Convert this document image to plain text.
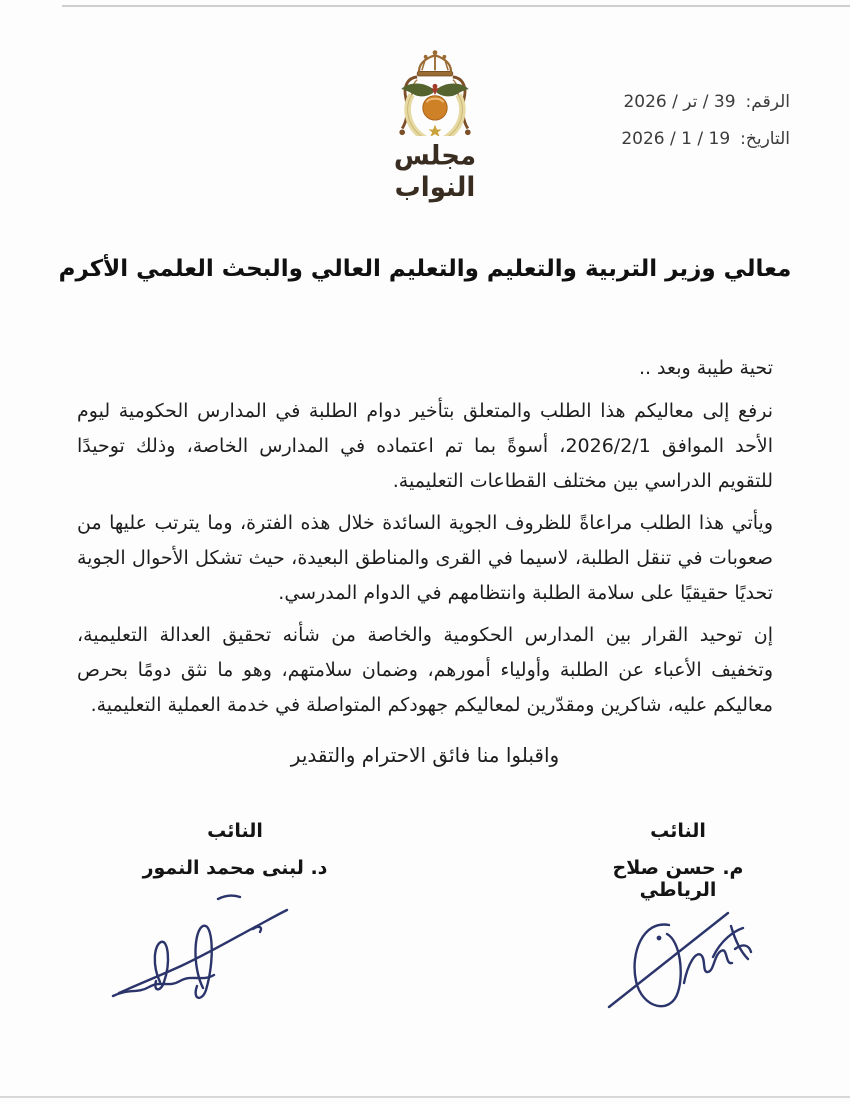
مجلس النواب
الرقم:
39 / تر / 2026
التاريخ:
19 / 1 / 2026
معالي وزير التربية والتعليم والتعليم العالي والبحث العلمي الأكرم
تحية طيبة وبعد ..

نرفع إلى معاليكم هذا الطلب والمتعلق بتأخير دوام الطلبة في المدارس الحكومية ليوم الأحد الموافق 2026/2/1، أسوةً بما تم اعتماده في المدارس الخاصة، وذلك توحيدًا للتقويم الدراسي بين مختلف القطاعات التعليمية.

ويأتي هذا الطلب مراعاةً للظروف الجوية السائدة خلال هذه الفترة، وما يترتب عليها من صعوبات في تنقل الطلبة، لاسيما في القرى والمناطق البعيدة، حيث تشكل الأحوال الجوية تحديًا حقيقيًا على سلامة الطلبة وانتظامهم في الدوام المدرسي.

إن توحيد القرار بين المدارس الحكومية والخاصة من شأنه تحقيق العدالة التعليمية، وتخفيف الأعباء عن الطلبة وأولياء أمورهم، وضمان سلامتهم، وهو ما نثق دومًا بحرص معاليكم عليه، شاكرين ومقدّرين لمعاليكم جهودكم المتواصلة في خدمة العملية التعليمية.

واقبلوا منا فائق الاحترام والتقدير
النائب
م. حسن صلاح الرياطي
النائب
د. لبنى محمد النمور
